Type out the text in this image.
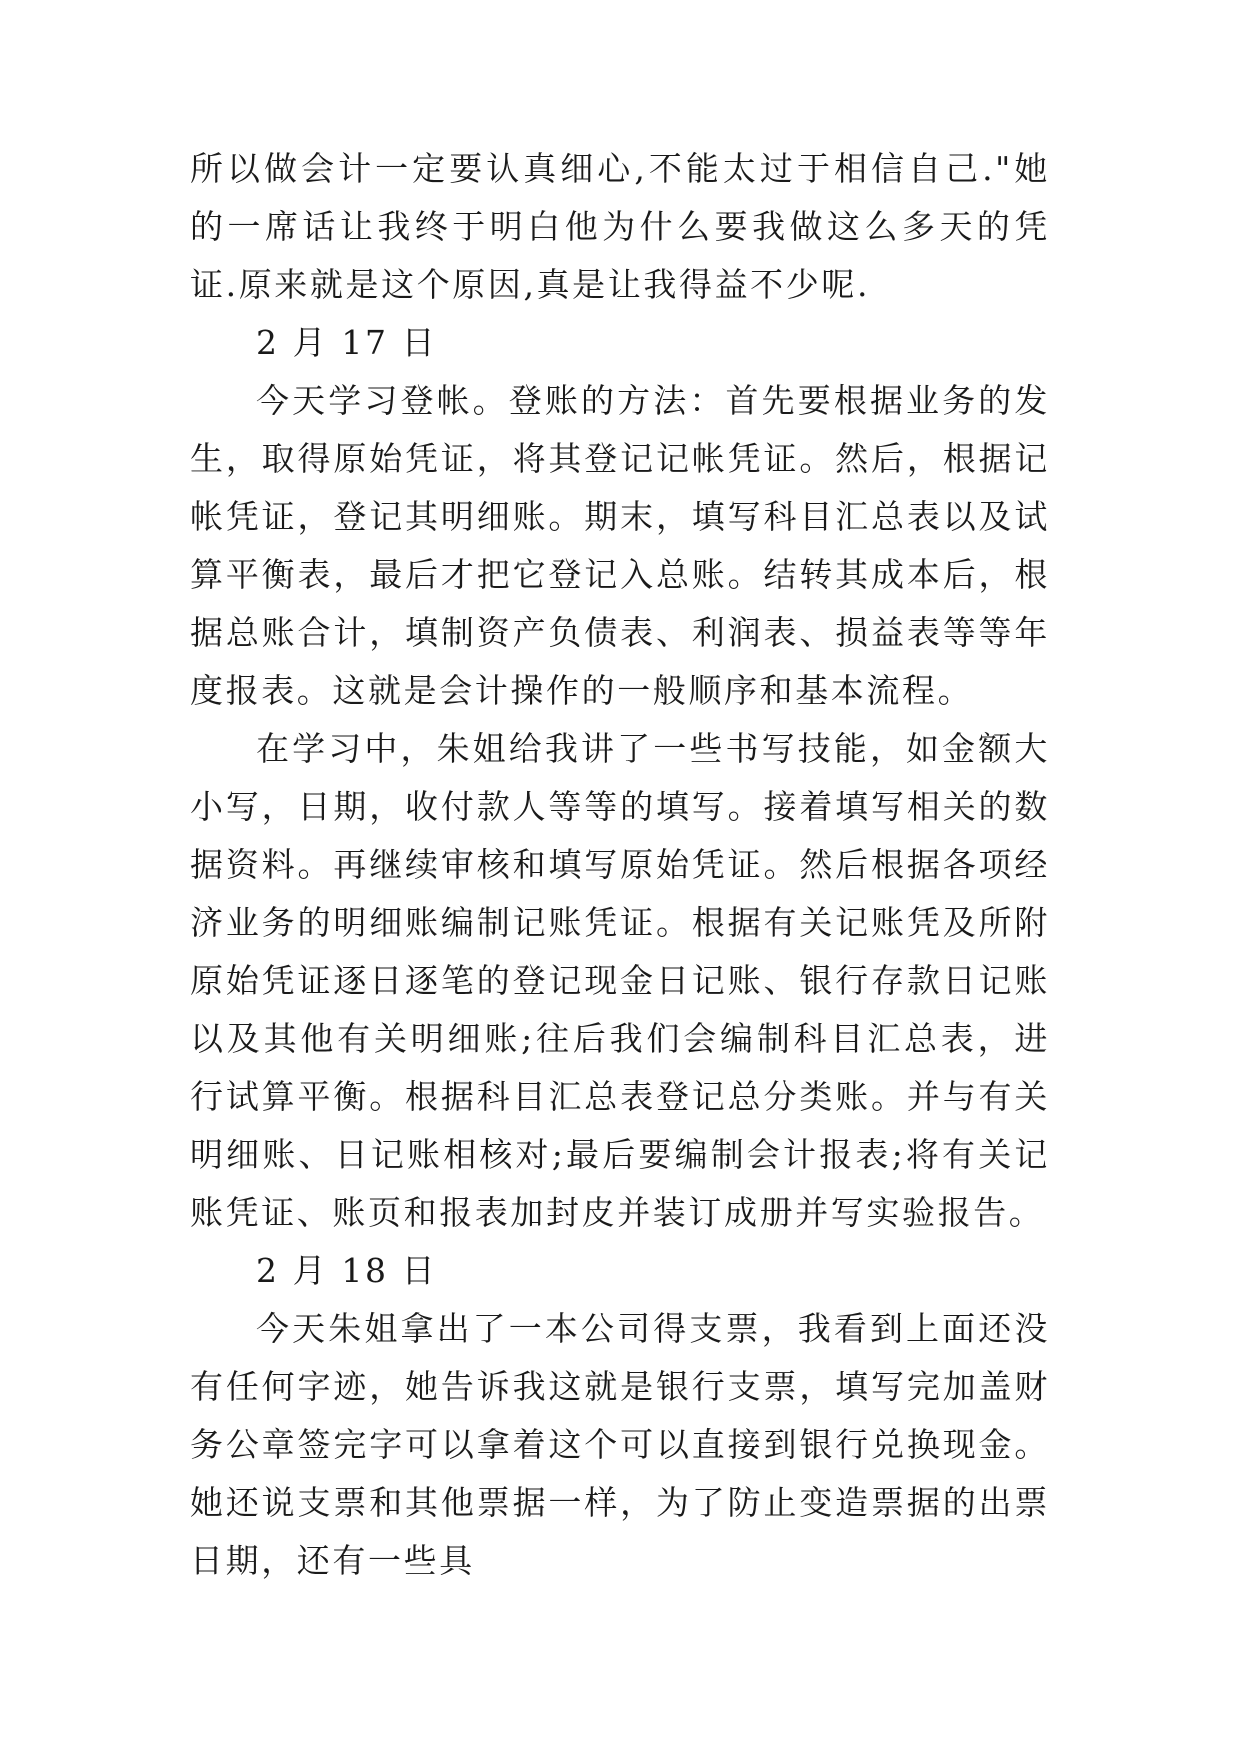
所以做会计一定要认真细心,不能太过于相信自己."她的一席话让我终于明白他为什么要我做这么多天的凭证.原来就是这个原因,真是让我得益不少呢.

2 月 17 日

今天学习登帐。登账的方法：首先要根据业务的发生，取得原始凭证，将其登记记帐凭证。然后，根据记帐凭证，登记其明细账。期末，填写科目汇总表以及试算平衡表，最后才把它登记入总账。结转其成本后，根据总账合计，填制资产负债表、利润表、损益表等等年度报表。这就是会计操作的一般顺序和基本流程。

在学习中，朱姐给我讲了一些书写技能，如金额大小写，日期，收付款人等等的填写。接着填写相关的数据资料。再继续审核和填写原始凭证。然后根据各项经济业务的明细账编制记账凭证。根据有关记账凭及所附原始凭证逐日逐笔的登记现金日记账、银行存款日记账以及其他有关明细账;往后我们会编制科目汇总表，进行试算平衡。根据科目汇总表登记总分类账。并与有关明细账、日记账相核对;最后要编制会计报表;将有关记账凭证、账页和报表加封皮并装订成册并写实验报告。

2 月 18 日

今天朱姐拿出了一本公司得支票，我看到上面还没有任何字迹，她告诉我这就是银行支票，填写完加盖财务公章签完字可以拿着这个可以直接到银行兑换现金。她还说支票和其他票据一样，为了防止变造票据的出票日期，还有一些具
